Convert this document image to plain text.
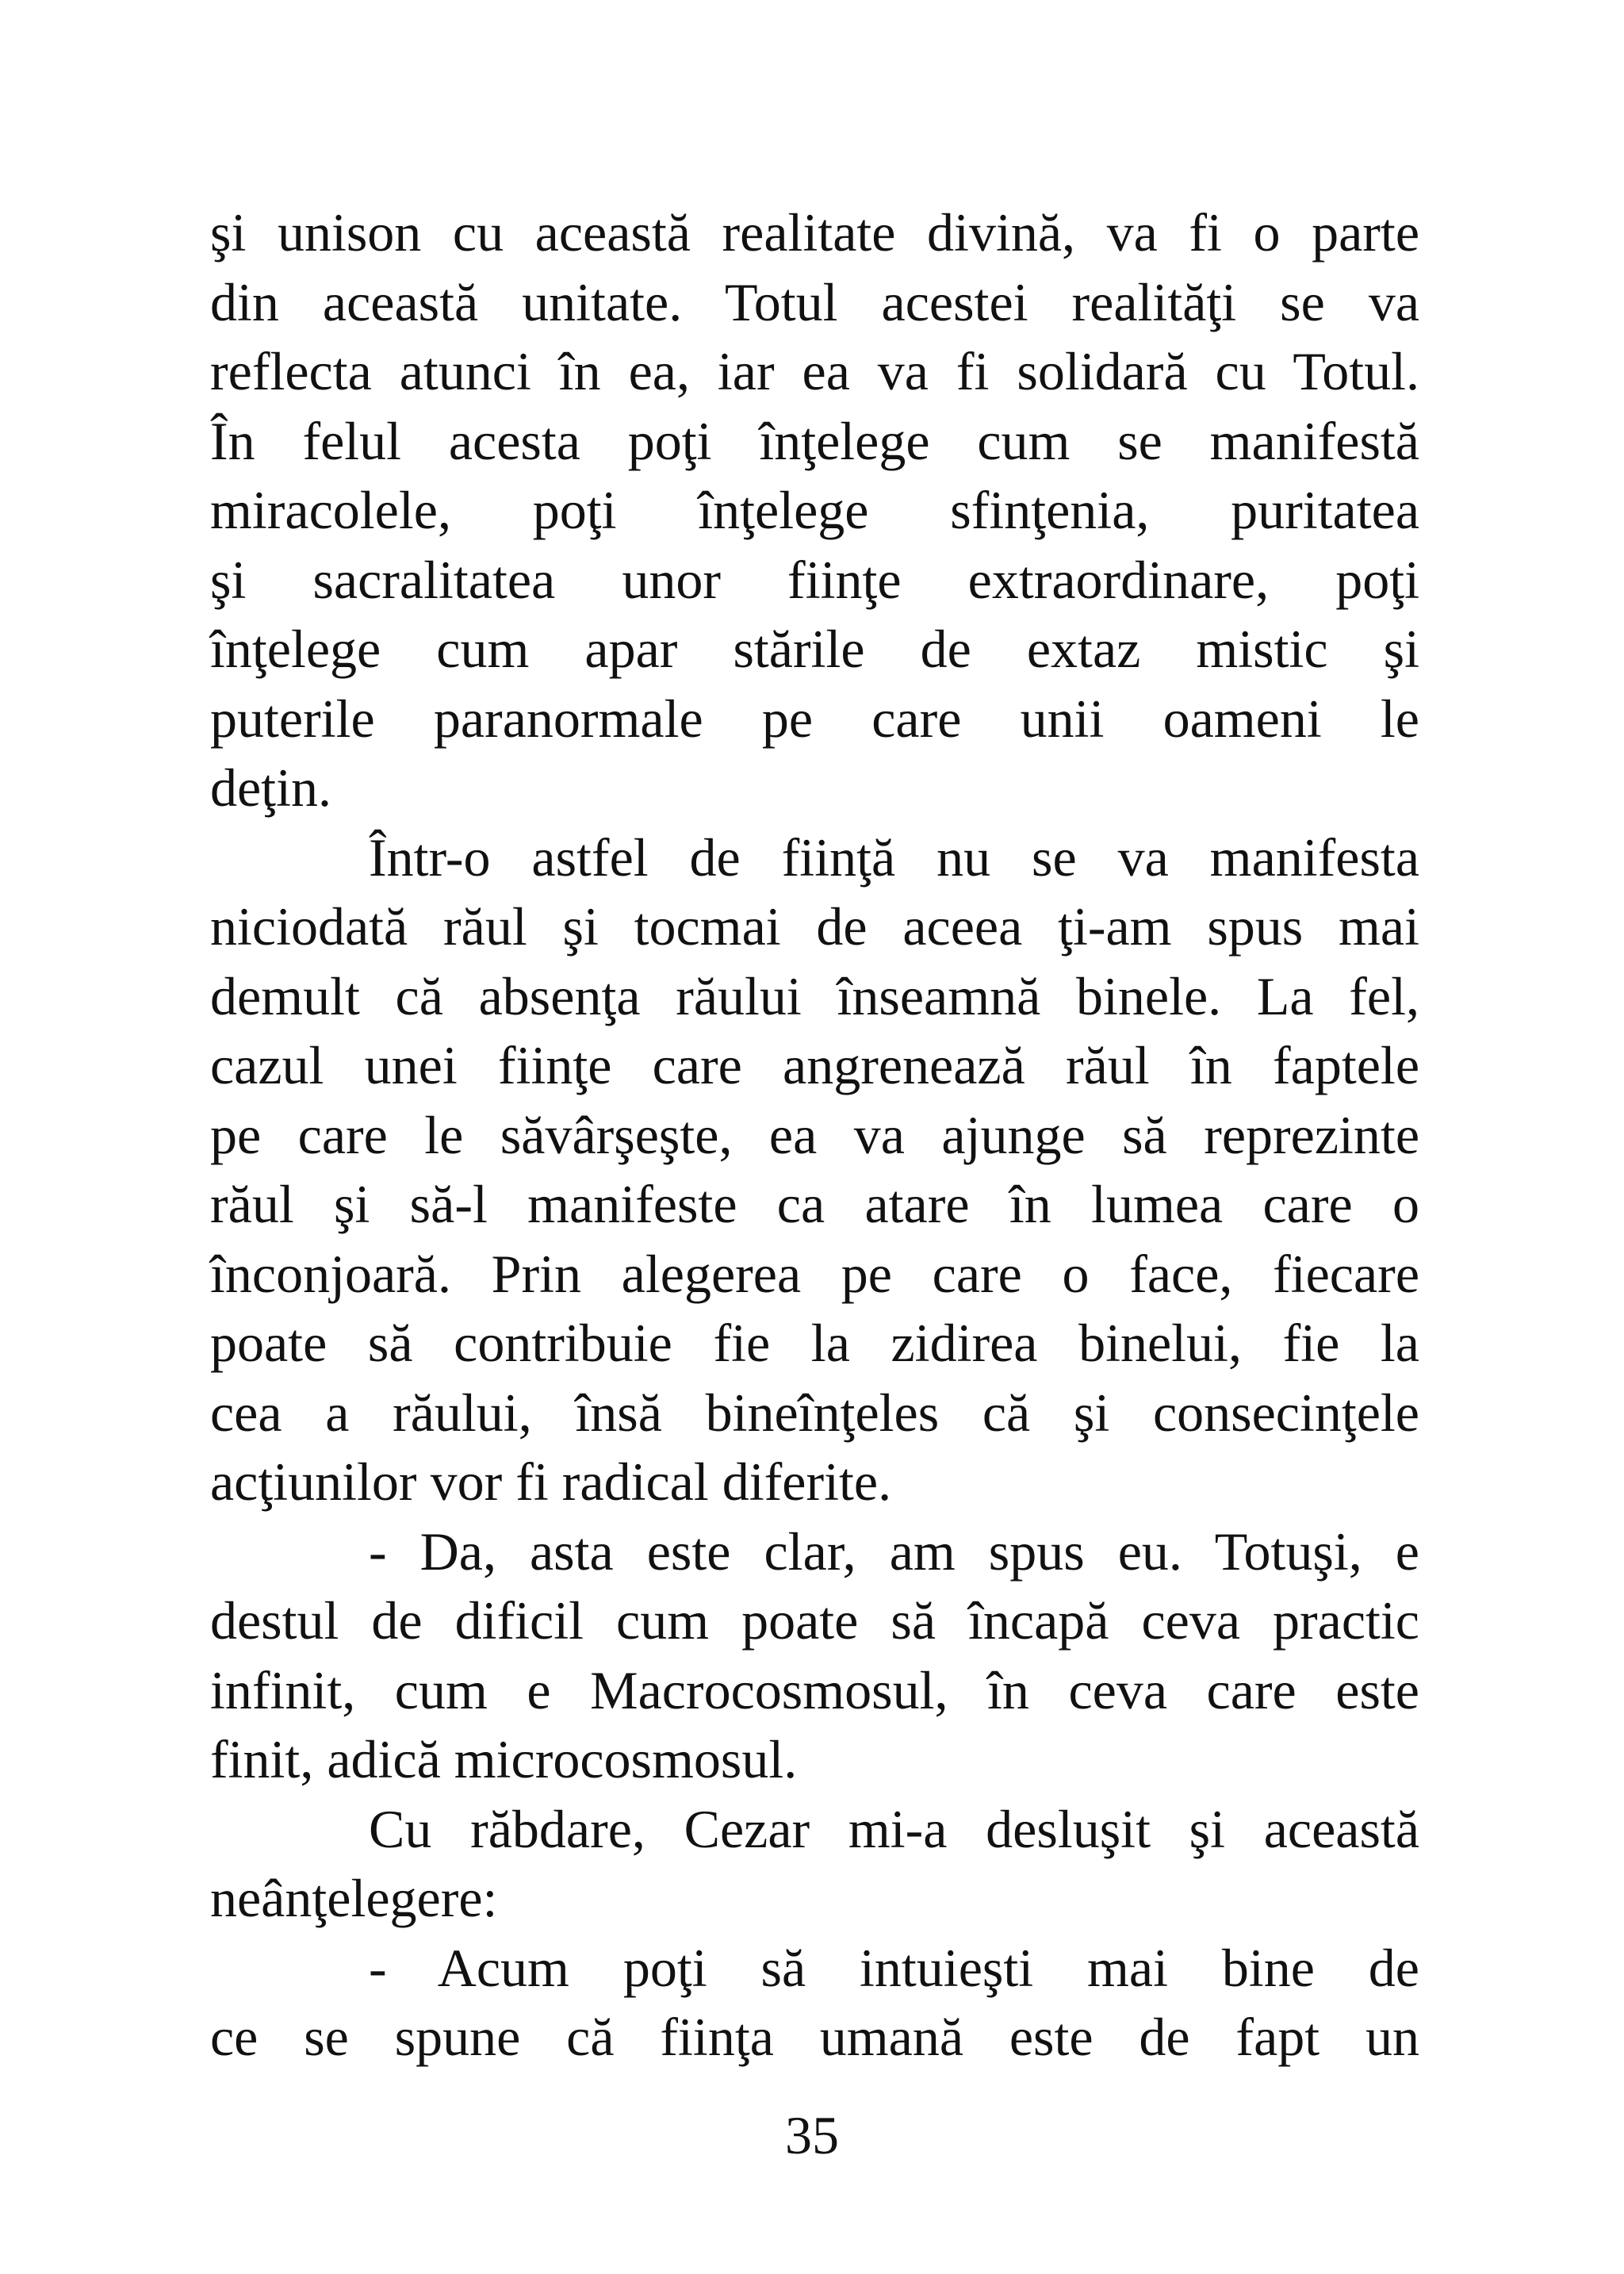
şi unison cu această realitate divină, va fi o parte
din această unitate. Totul acestei realităţi se va
reflecta atunci în ea, iar ea va fi solidară cu Totul.
În felul acesta poţi înţelege cum se manifestă
miracolele, poţi înţelege sfinţenia, puritatea
şi sacralitatea unor fiinţe extraordinare, poţi
înţelege cum apar stările de extaz mistic şi
puterile paranormale pe care unii oameni le
deţin.
Într-o astfel de fiinţă nu se va manifesta
niciodată răul şi tocmai de aceea ţi-am spus mai
demult că absenţa răului înseamnă binele. La fel,
cazul unei fiinţe care angrenează răul în faptele
pe care le săvârşeşte, ea va ajunge să reprezinte
răul şi să-l manifeste ca atare în lumea care o
înconjoară. Prin alegerea pe care o face, fiecare
poate să contribuie fie la zidirea binelui, fie la
cea a răului, însă bineînţeles că şi consecinţele
acţiunilor vor fi radical diferite.
- Da, asta este clar, am spus eu. Totuşi, e
destul de dificil cum poate să încapă ceva practic
infinit, cum e Macrocosmosul, în ceva care este
finit, adică microcosmosul.
Cu răbdare, Cezar mi-a desluşit şi această
neânţelegere:
- Acum poţi să intuieşti mai bine de
ce se spune că fiinţa umană este de fapt un
35
